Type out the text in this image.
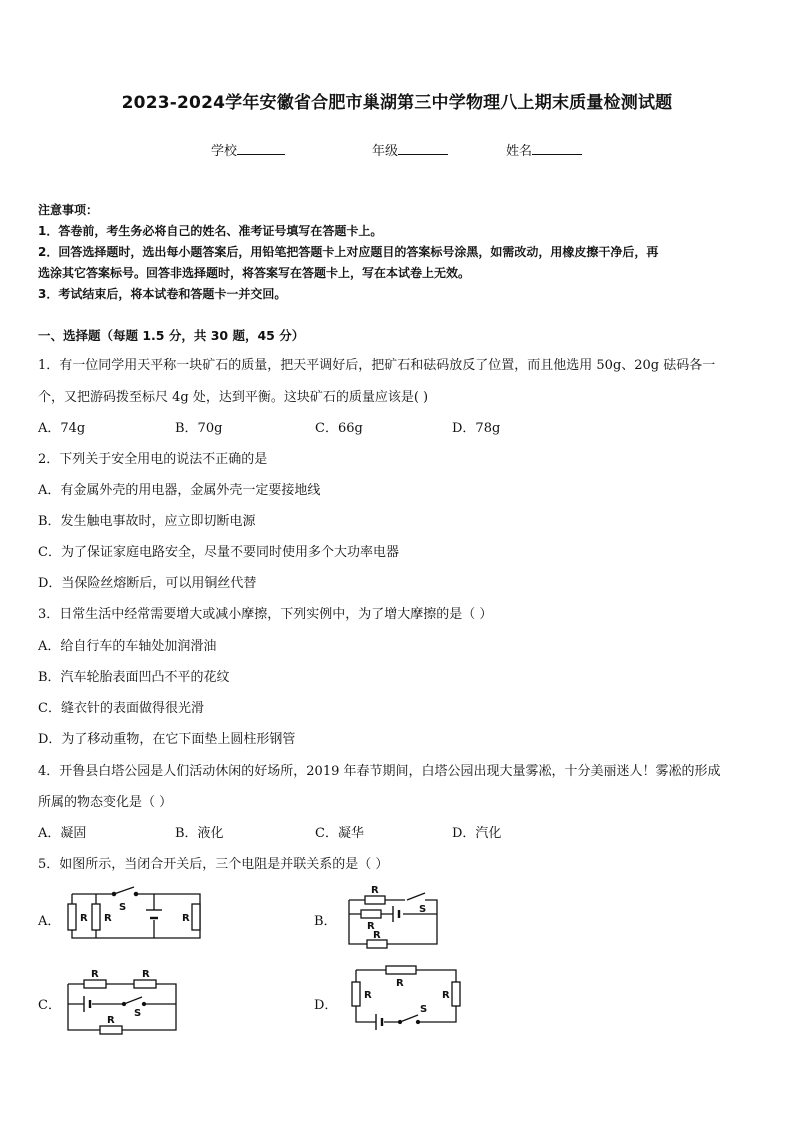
2023-2024学年安徽省合肥市巢湖第三中学物理八上期末质量检测试题
学校	年级	姓名
注意事项：
1．答卷前，考生务必将自己的姓名、准考证号填写在答题卡上。
2．回答选择题时，选出每小题答案后，用铅笔把答题卡上对应题目的答案标号涂黑，如需改动，用橡皮擦干净后，再
选涂其它答案标号。回答非选择题时，将答案写在答题卡上，写在本试卷上无效。
3．考试结束后，将本试卷和答题卡一并交回。
一、选择题（每题 1.5 分，共 30 题，45 分）
1．有一位同学用天平称一块矿石的质量，把天平调好后，把矿石和砝码放反了位置，而且他选用 50g、20g 砝码各一
个，又把游码拨至标尺 4g 处，达到平衡。这块矿石的质量应该是( )
A．74g	B．70g	C．66g	D．78g
2．下列关于安全用电的说法不正确的是
A．有金属外壳的用电器，金属外壳一定要接地线
B．发生触电事故时，应立即切断电源
C．为了保证家庭电路安全，尽量不要同时使用多个大功率电器
D．当保险丝熔断后，可以用铜丝代替
3．日常生活中经常需要增大或减小摩擦，下列实例中，为了增大摩擦的是（ ）
A．给自行车的车轴处加润滑油
B．汽车轮胎表面凹凸不平的花纹
C．缝衣针的表面做得很光滑
D．为了移动重物，在它下面垫上圆柱形钢管
4．开鲁县白塔公园是人们活动休闲的好场所，2019 年春节期间，白塔公园出现大量雾凇，十分美丽迷人！雾凇的形成
所属的物态变化是（ ）
A．凝固	B．液化	C．凝华	D．汽化
5．如图所示，当闭合开关后，三个电阻是并联关系的是（ ）
A．	B．
C．	D．
R R	R
S
R
R
R
S
R	R
R
S
R
R	R
S
